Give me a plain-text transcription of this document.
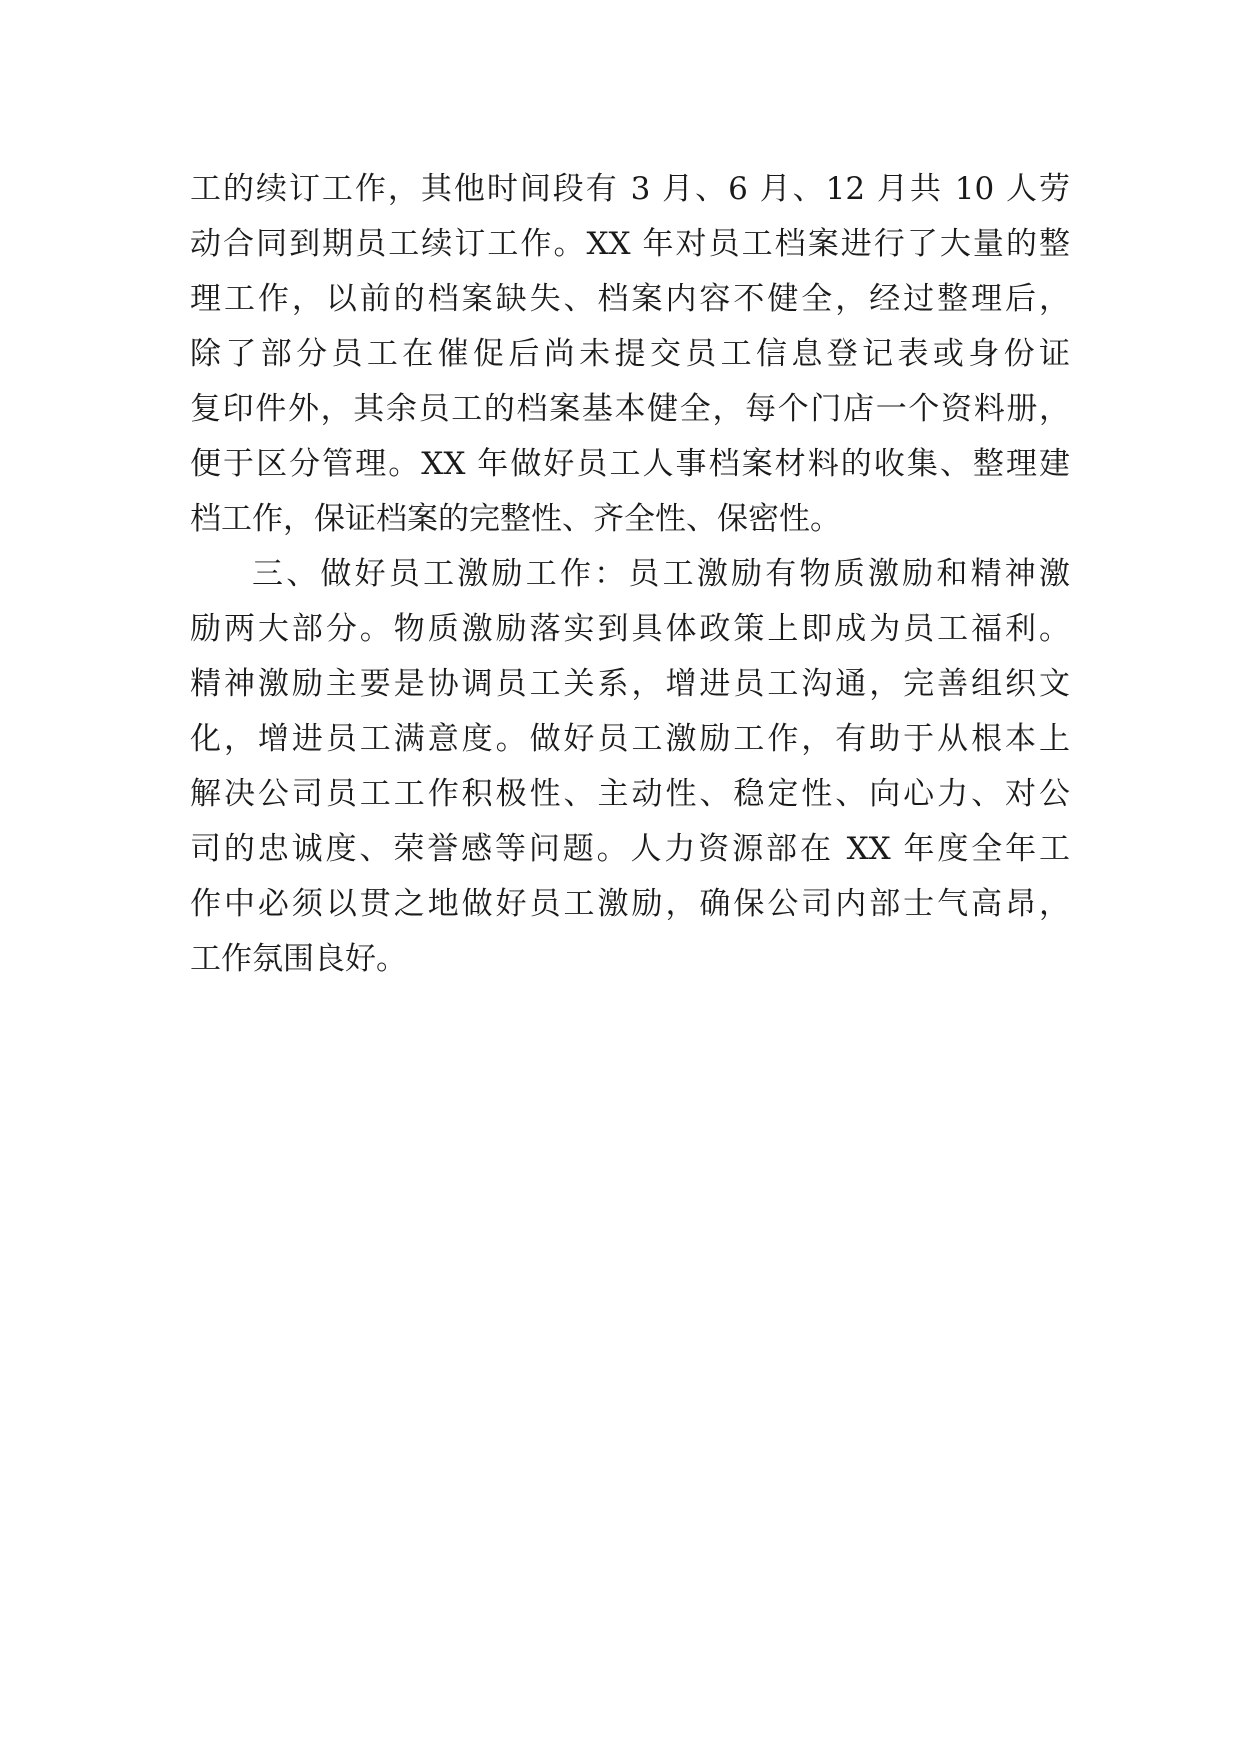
工的续订工作，其他时间段有 3 月、6 月、12 月共 10 人劳
动合同到期员工续订工作。XX 年对员工档案进行了大量的整
理工作，以前的档案缺失、档案内容不健全，经过整理后，
除了部分员工在催促后尚未提交员工信息登记表或身份证
复印件外，其余员工的档案基本健全，每个门店一个资料册，
便于区分管理。XX 年做好员工人事档案材料的收集、整理建
档工作，保证档案的完整性、齐全性、保密性。
三、做好员工激励工作：员工激励有物质激励和精神激
励两大部分。物质激励落实到具体政策上即成为员工福利。
精神激励主要是协调员工关系，增进员工沟通，完善组织文
化，增进员工满意度。做好员工激励工作，有助于从根本上
解决公司员工工作积极性、主动性、稳定性、向心力、对公
司的忠诚度、荣誉感等问题。人力资源部在 XX 年度全年工
作中必须以贯之地做好员工激励，确保公司内部士气高昂，
工作氛围良好。
